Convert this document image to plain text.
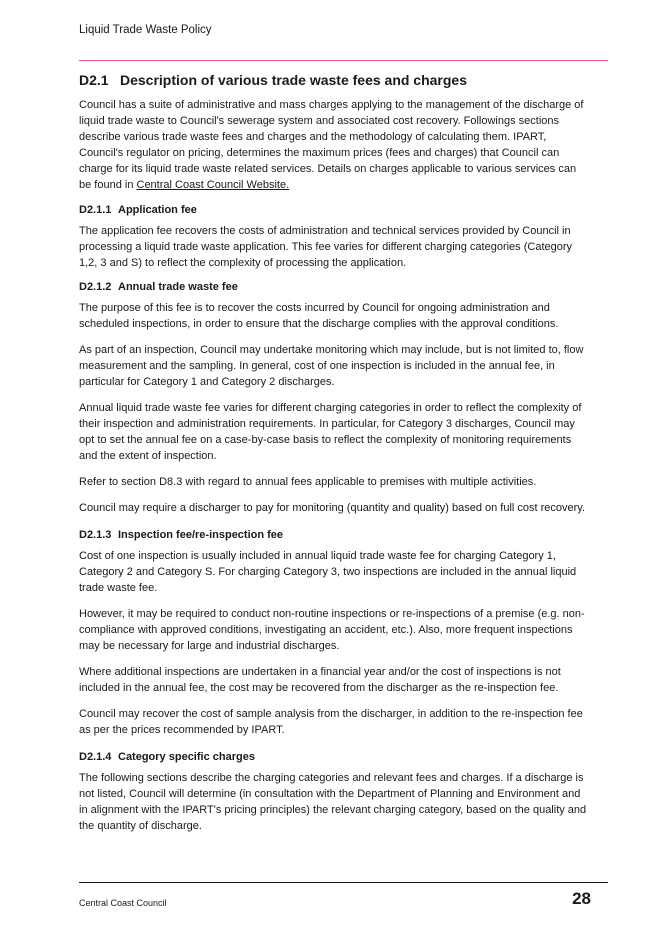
Liquid Trade Waste Policy
D2.1 Description of various trade waste fees and charges

Council has a suite of administrative and mass charges applying to the management of the discharge of liquid trade waste to Council's sewerage system and associated cost recovery. Followings sections describe various trade waste fees and charges and the methodology of calculating them. IPART, Council's regulator on pricing, determines the maximum prices (fees and charges) that Council can charge for its liquid trade waste related services. Details on charges applicable to various services can be found in Central Coast Council Website.

D2.1.1 Application fee

The application fee recovers the costs of administration and technical services provided by Council in processing a liquid trade waste application. This fee varies for different charging categories (Category 1,2, 3 and S) to reflect the complexity of processing the application.

D2.1.2 Annual trade waste fee

The purpose of this fee is to recover the costs incurred by Council for ongoing administration and scheduled inspections, in order to ensure that the discharge complies with the approval conditions.

As part of an inspection, Council may undertake monitoring which may include, but is not limited to, flow measurement and the sampling. In general, cost of one inspection is included in the annual fee, in particular for Category 1 and Category 2 discharges.

Annual liquid trade waste fee varies for different charging categories in order to reflect the complexity of their inspection and administration requirements. In particular, for Category 3 discharges, Council may opt to set the annual fee on a case-by-case basis to reflect the complexity of monitoring requirements and the extent of inspection.

Refer to section D8.3 with regard to annual fees applicable to premises with multiple activities.

Council may require a discharger to pay for monitoring (quantity and quality) based on full cost recovery.

D2.1.3 Inspection fee/re-inspection fee

Cost of one inspection is usually included in annual liquid trade waste fee for charging Category 1, Category 2 and Category S. For charging Category 3, two inspections are included in the annual liquid trade waste fee.

However, it may be required to conduct non-routine inspections or re-inspections of a premise (e.g. non-compliance with approved conditions, investigating an accident, etc.). Also, more frequent inspections may be necessary for large and industrial discharges.

Where additional inspections are undertaken in a financial year and/or the cost of inspections is not included in the annual fee, the cost may be recovered from the discharger as the re-inspection fee.

Council may recover the cost of sample analysis from the discharger, in addition to the re-inspection fee as per the prices recommended by IPART.

D2.1.4 Category specific charges

The following sections describe the charging categories and relevant fees and charges. If a discharge is not listed, Council will determine (in consultation with the Department of Planning and Environment and in alignment with the IPART's pricing principles) the relevant charging category, based on the quality and the quantity of discharge.

Central Coast Council	28
